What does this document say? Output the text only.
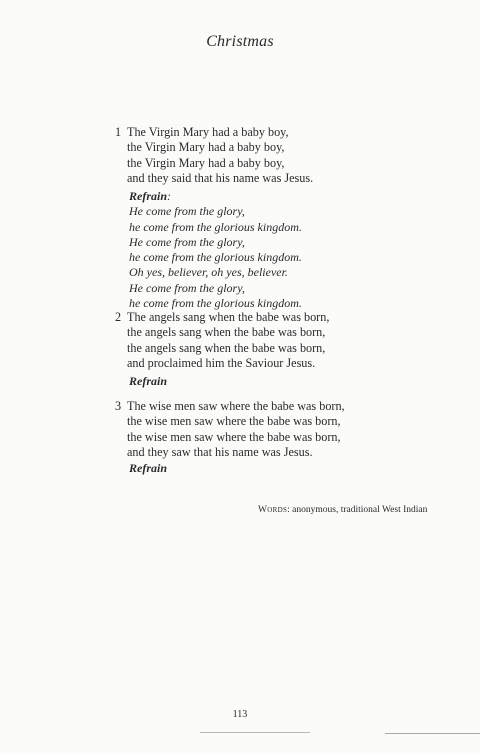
Christmas
1 The Virgin Mary had a baby boy,
the Virgin Mary had a baby boy,
the Virgin Mary had a baby boy,
and they said that his name was Jesus.
Refrain:
He come from the glory,
he come from the glorious kingdom.
He come from the glory,
he come from the glorious kingdom.
Oh yes, believer, oh yes, believer.
He come from the glory,
he come from the glorious kingdom.
2 The angels sang when the babe was born,
the angels sang when the babe was born,
the angels sang when the babe was born,
and proclaimed him the Saviour Jesus.
Refrain
3 The wise men saw where the babe was born,
the wise men saw where the babe was born,
the wise men saw where the babe was born,
and they saw that his name was Jesus.
Refrain
Words: anonymous, traditional West Indian
113
